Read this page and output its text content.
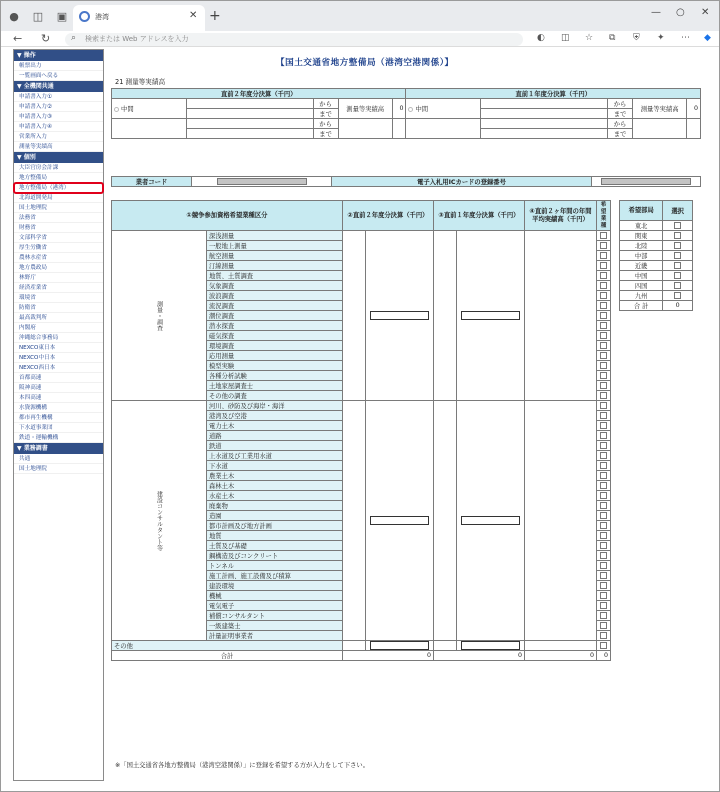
● ◫ ▣	港湾	✕ +	— ○ ✕
← ↻ ⌕ 検索または Web アドレスを入力	◐ ◫ ☆ ⧉ ⛨ ✦ ⋯ ◆
▼ 操作
帳票出力
一覧画面へ戻る
▼ 全機関共通
申請書入力①
申請書入力②
申請書入力③
申請書入力④
営業所入力
測量等実績高
▼ 個別
大臣官房会計課
地方整備局
地方整備局（港湾）
北海道開発局
国土地理院
法務省
財務省
文部科学省
厚生労働省
農林水産省
地方農政局
林野庁
経済産業省
環境省
防衛省
最高裁判所
内閣府
沖縄総合事務局
NEXCO東日本
NEXCO中日本
NEXCO西日本
首都高速
阪神高速
本四高速
水資源機構
都市再生機構
下水道事業団
鉄道・運輸機構
▼ 業務調書
共通
国土地理院
【国土交通省地方整備局（港湾空港関係）】
21 測量等実績高
直前２年度分決算（千円）					直前１年度分決算（千円）				
中間		から	測量等実績高	0	中間		から	測量等実績高	0
		まで					まで		
		から					から		
		まで					まで		
業者コード		電子入札用ICカードの登録番号	
①競争参加資格希望業種区分		②直前２年度分決算（千円）		③直前１年度分決算（千円）		④直前２ヶ年間の年間平均実績高（千円）	希望業種
測量・調査	深浅測量		

	一般地上測量						
	航空測量						
	汀線測量						
	地質、土質調査						
	気象調査						
	波浪調査						
	流況調査						
	潮位調査						
	潜水探査						
	磁気探査						
	環境調査						
	応用測量						
	模型実験						
	各種分析試験						
	土地家屋調査士						
	その他の調査						
建設コンサルタント等	河川、砂防及び海岸・海洋		

	港湾及び空港						
	電力土木						
	道路						
	鉄道						
	上水道及び工業用水道						
	下水道						
	農業土木						
	森林土木						
	水産土木						
	廃棄物						
	造園						
	都市計画及び地方計画						
	地質						
	土質及び基礎						
	鋼構造及びコンクリート						
	トンネル						
	施工計画、施工設備及び積算						
	建設環境						
	機械						
	電気電子						
	補償コンサルタント						
	一級建築士						
	計量証明事業者						
その他			

合計		0		0		0	0
希望部局	選択
東北	
関東	
北陸	
中部	
近畿	
中国	
四国	
九州	
合 計	0
※「国土交通省各地方整備局（港湾空港関係）」に登録を希望する方が入力をして下さい。
